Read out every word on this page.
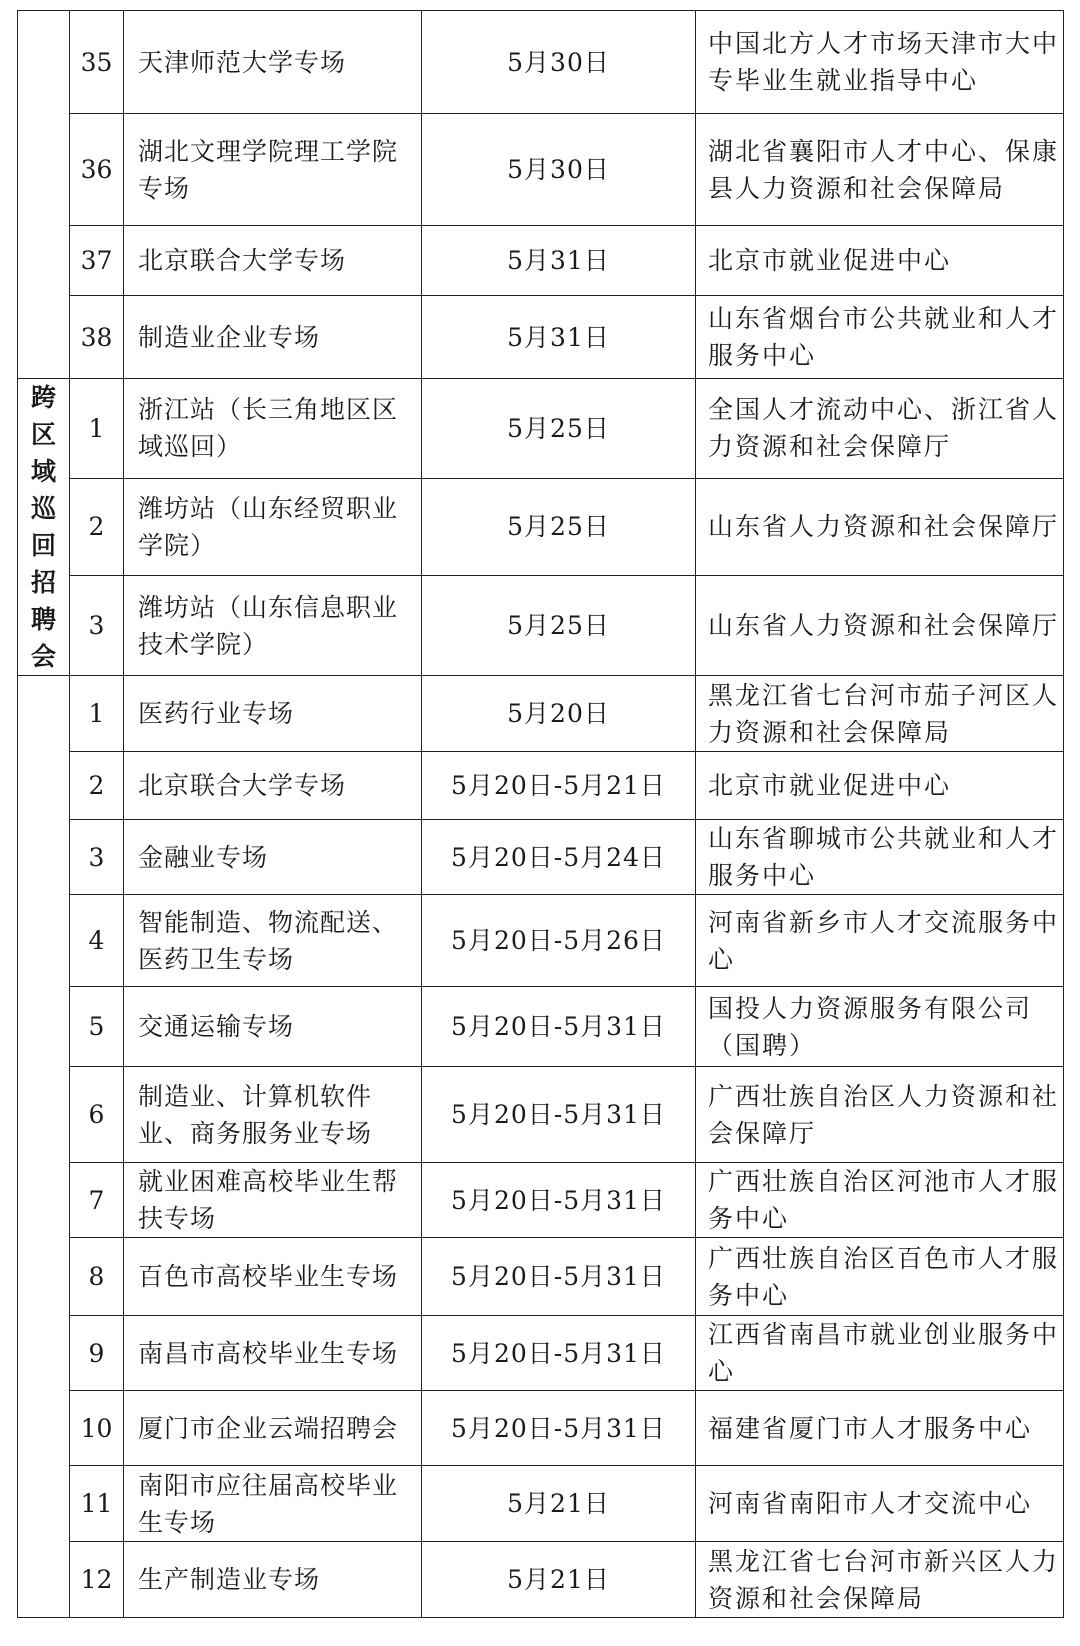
	35	天津师范大学专场	5月30日	中国北方人才市场天津市大中专毕业生就业指导中心
	36	湖北文理学院理工学院专场	5月30日	湖北省襄阳市人才中心、保康县人力资源和社会保障局
	37	北京联合大学专场	5月31日	北京市就业促进中心
	38	制造业企业专场	5月31日	山东省烟台市公共就业和人才服务中心
跨区域巡回招聘会	1	浙江站（长三角地区区域巡回）	5月25日	全国人才流动中心、浙江省人力资源和社会保障厅
	2	潍坊站（山东经贸职业学院）	5月25日	山东省人力资源和社会保障厅
	3	潍坊站（山东信息职业技术学院）	5月25日	山东省人力资源和社会保障厅
	1	医药行业专场	5月20日	黑龙江省七台河市茄子河区人力资源和社会保障局
	2	北京联合大学专场	5月20日-5月21日	北京市就业促进中心
	3	金融业专场	5月20日-5月24日	山东省聊城市公共就业和人才服务中心
	4	智能制造、物流配送、医药卫生专场	5月20日-5月26日	河南省新乡市人才交流服务中心
	5	交通运输专场	5月20日-5月31日	国投人力资源服务有限公司（国聘）
	6	制造业、计算机软件业、商务服务业专场	5月20日-5月31日	广西壮族自治区人力资源和社会保障厅
	7	就业困难高校毕业生帮扶专场	5月20日-5月31日	广西壮族自治区河池市人才服务中心
	8	百色市高校毕业生专场	5月20日-5月31日	广西壮族自治区百色市人才服务中心
	9	南昌市高校毕业生专场	5月20日-5月31日	江西省南昌市就业创业服务中心
	10	厦门市企业云端招聘会	5月20日-5月31日	福建省厦门市人才服务中心
	11	南阳市应往届高校毕业生专场	5月21日	河南省南阳市人才交流中心
	12	生产制造业专场	5月21日	黑龙江省七台河市新兴区人力资源和社会保障局
